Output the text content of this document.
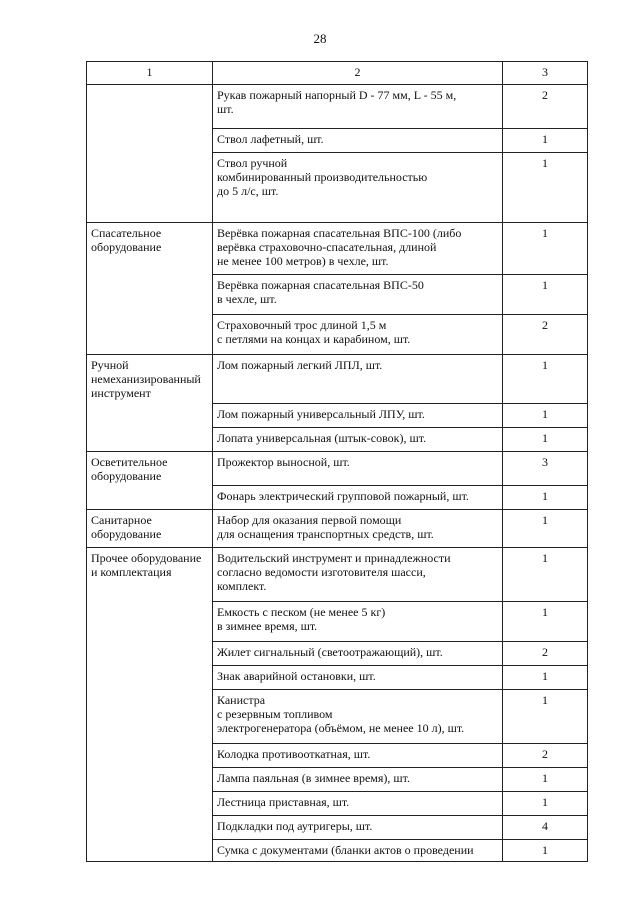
28
1	2	3

	Рукав пожарный напорный D - 77 мм, L - 55 м,
шт.	2

	Ствол лафетный, шт.	1

	Ствол ручной
комбинированный производительностью
до 5 л/с, шт.	1

Спасательное
оборудование	Верёвка пожарная спасательная ВПС-100 (либо
верёвка страховочно-спасательная, длиной
не менее 100 метров) в чехле, шт.	1

	Верёвка пожарная спасательная ВПС-50
в чехле, шт.	1

	Страховочный трос длиной 1,5 м
с петлями на концах и карабином, шт.	2

Ручной
немеханизированный
инструмент	Лом пожарный легкий ЛПЛ, шт.	1

	Лом пожарный универсальный ЛПУ, шт.	1

	Лопата универсальная (штык-совок), шт.	1

Осветительное
оборудование	Прожектор выносной, шт.	3

	Фонарь электрический групповой пожарный, шт.	1

Санитарное
оборудование	Набор для оказания первой помощи
для оснащения транспортных средств, шт.	1

Прочее оборудование
и комплектация	Водительский инструмент и принадлежности
согласно ведомости изготовителя шасси,
комплект.	1

	Емкость с песком (не менее 5 кг)
в зимнее время, шт.	1

	Жилет сигнальный (светоотражающий), шт.	2

	Знак аварийной остановки, шт.	1

	Канистра
с резервным топливом
электрогенератора (объёмом, не менее 10 л), шт.	1

	Колодка противооткатная, шт.	2

	Лампа паяльная (в зимнее время), шт.	1

	Лестница приставная, шт.	1

	Подкладки под аутригеры, шт.	4

	Сумка с документами (бланки актов о проведении	1
